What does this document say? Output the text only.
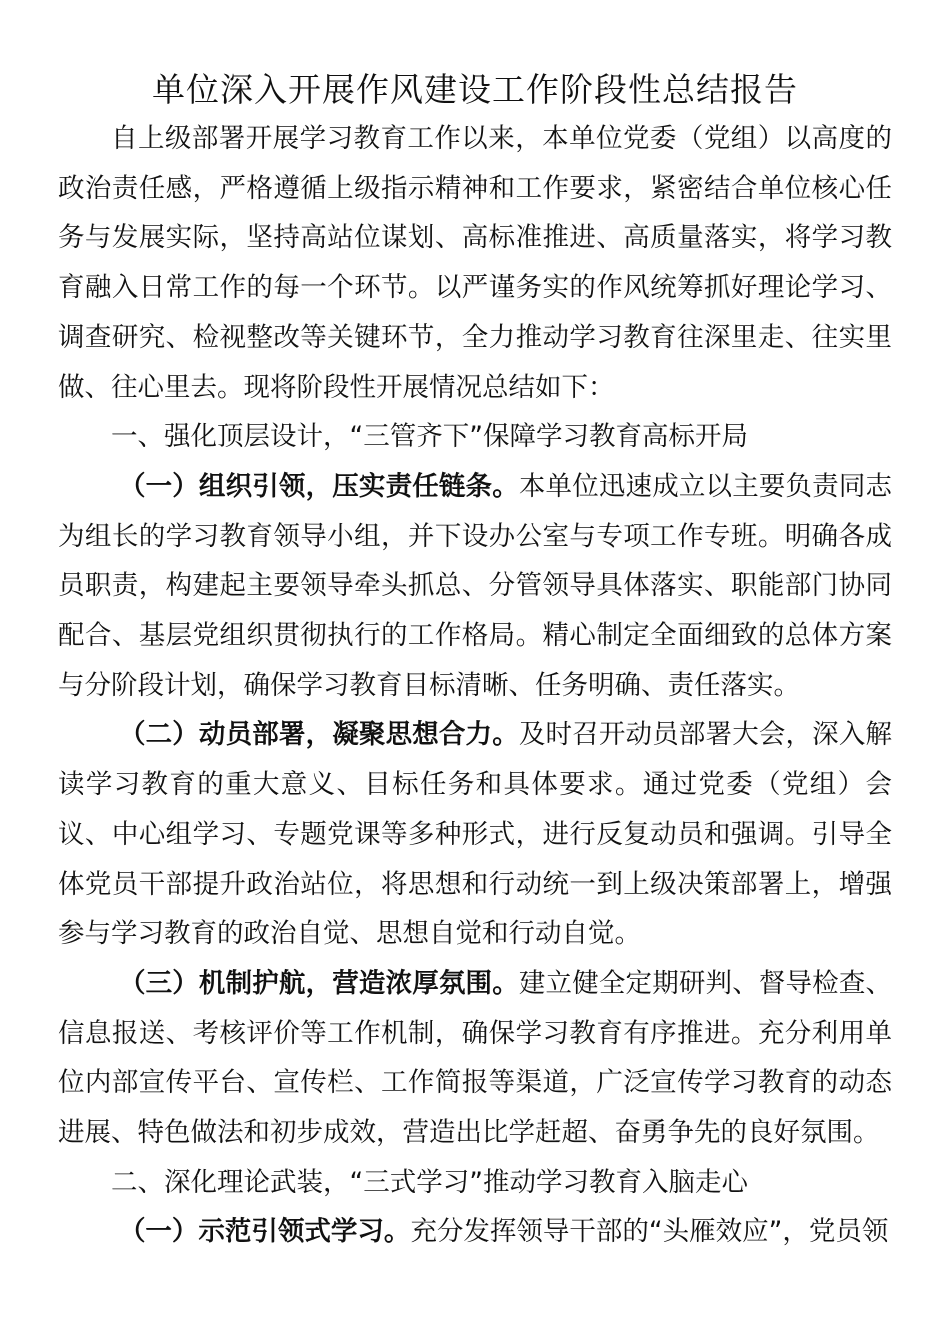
单位深入开展作风建设工作阶段性总结报告

自上级部署开展学习教育工作以来，本单位党委（党组）以高度的政治责任感，严格遵循上级指示精神和工作要求，紧密结合单位核心任务与发展实际，坚持高站位谋划、高标准推进、高质量落实，将学习教育融入日常工作的每一个环节。以严谨务实的作风统筹抓好理论学习、调查研究、检视整改等关键环节，全力推动学习教育往深里走、往实里做、往心里去。现将阶段性开展情况总结如下：

一、强化顶层设计，“三管齐下”保障学习教育高标开局

（一）组织引领，压实责任链条。本单位迅速成立以主要负责同志为组长的学习教育领导小组，并下设办公室与专项工作专班。明确各成员职责，构建起主要领导牵头抓总、分管领导具体落实、职能部门协同配合、基层党组织贯彻执行的工作格局。精心制定全面细致的总体方案与分阶段计划，确保学习教育目标清晰、任务明确、责任落实。

（二）动员部署，凝聚思想合力。及时召开动员部署大会，深入解读学习教育的重大意义、目标任务和具体要求。通过党委（党组）会议、中心组学习、专题党课等多种形式，进行反复动员和强调。引导全体党员干部提升政治站位，将思想和行动统一到上级决策部署上，增强参与学习教育的政治自觉、思想自觉和行动自觉。

（三）机制护航，营造浓厚氛围。建立健全定期研判、督导检查、信息报送、考核评价等工作机制，确保学习教育有序推进。充分利用单位内部宣传平台、宣传栏、工作简报等渠道，广泛宣传学习教育的动态进展、特色做法和初步成效，营造出比学赶超、奋勇争先的良好氛围。

二、深化理论武装，“三式学习”推动学习教育入脑走心

（一）示范引领式学习。充分发挥领导干部的“头雁效应”，党员领
